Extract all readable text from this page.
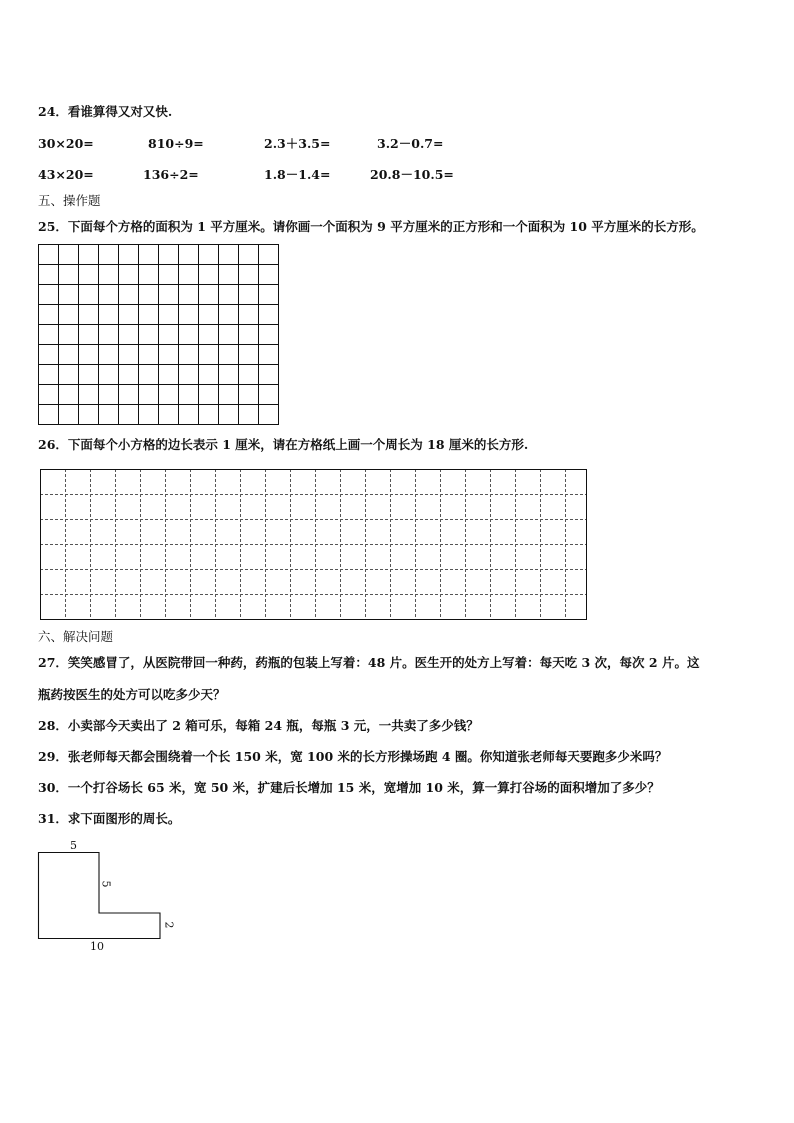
24．看谁算得又对又快.
30×20=	810÷9=	2.3＋3.5=	3.2－0.7=
43×20=	136÷2=	1.8－1.4=	20.8－10.5=
五、操作题
25．下面每个方格的面积为 1 平方厘米。请你画一个面积为 9 平方厘米的正方形和一个面积为 10 平方厘米的长方形。
26．下面每个小方格的边长表示 1 厘米，请在方格纸上画一个周长为 18 厘米的长方形.
六、解决问题
27．笑笑感冒了，从医院带回一种药，药瓶的包装上写着：48 片。医生开的处方上写着：每天吃 3 次，每次 2 片。这
瓶药按医生的处方可以吃多少天？
28．小卖部今天卖出了 2 箱可乐，每箱 24 瓶，每瓶 3 元，一共卖了多少钱？
29．张老师每天都会围绕着一个长 150 米，宽 100 米的长方形操场跑 4 圈。你知道张老师每天要跑多少米吗？
30．一个打谷场长 65 米，宽 50 米，扩建后长增加 15 米，宽增加 10 米，算一算打谷场的面积增加了多少？
31．求下面图形的周长。
5
5
2
10
